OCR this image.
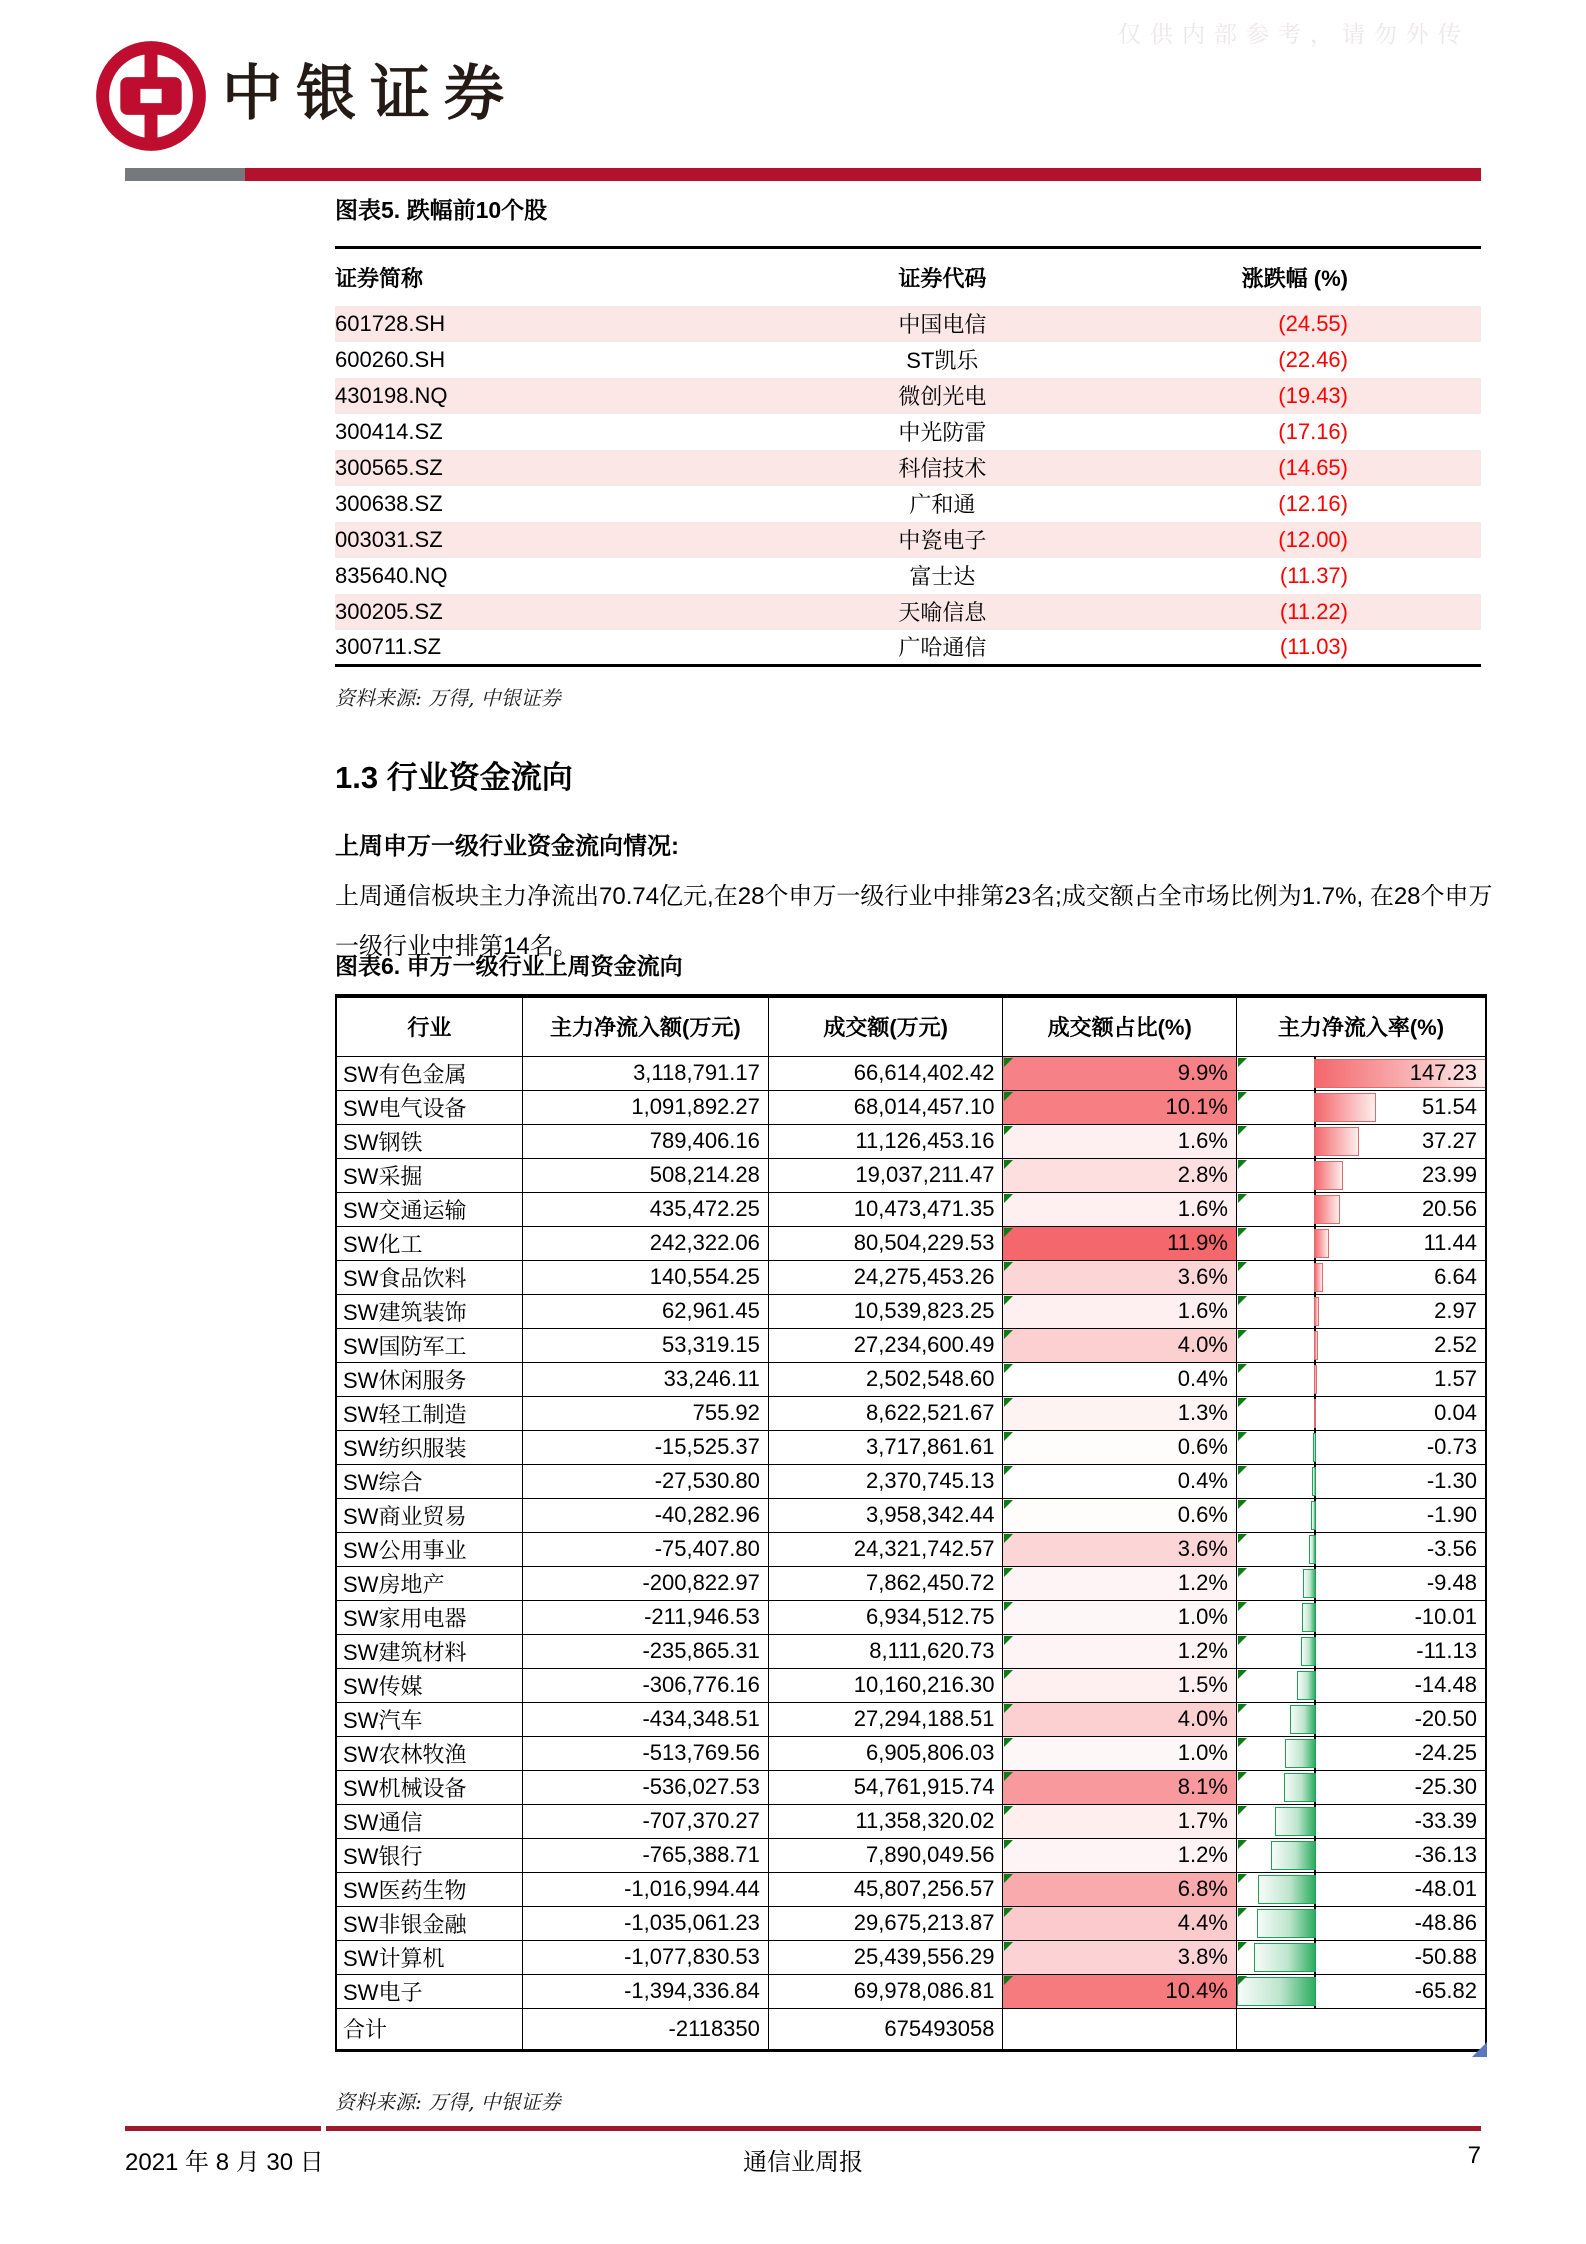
仅供内部参考，请勿外传
中银证券
图表5. 跌幅前10个股
证券简称	证券代码	涨跌幅 (%)
601728.SH	中国电信	(24.55)
600260.SH	ST凯乐	(22.46)
430198.NQ	微创光电	(19.43)
300414.SZ	中光防雷	(17.16)
300565.SZ	科信技术	(14.65)
300638.SZ	广和通	(12.16)
003031.SZ	中瓷电子	(12.00)
835640.NQ	富士达	(11.37)
300205.SZ	天喻信息	(11.22)
300711.SZ	广哈通信	(11.03)
资料来源: 万得, 中银证券
1.3 行业资金流向
上周申万一级行业资金流向情况:
上周通信板块主力净流出70.74亿元,在28个申万一级行业中排第23名;成交额占全市场比例为1.7%, 在28个申万一级行业中排第14名。
图表6. 申万一级行业上周资金流向
行业	主力净流入额(万元)	成交额(万元)	成交额占比(%)	主力净流入率(%)
SW有色金属	3,118,791.17	66,614,402.42	9.9%	147.23
SW电气设备	1,091,892.27	68,014,457.10	10.1%	51.54
SW钢铁	789,406.16	11,126,453.16	1.6%	37.27
SW采掘	508,214.28	19,037,211.47	2.8%	23.99
SW交通运输	435,472.25	10,473,471.35	1.6%	20.56
SW化工	242,322.06	80,504,229.53	11.9%	11.44
SW食品饮料	140,554.25	24,275,453.26	3.6%	6.64
SW建筑装饰	62,961.45	10,539,823.25	1.6%	2.97
SW国防军工	53,319.15	27,234,600.49	4.0%	2.52
SW休闲服务	33,246.11	2,502,548.60	0.4%	1.57
SW轻工制造	755.92	8,622,521.67	1.3%	0.04
SW纺织服装	-15,525.37	3,717,861.61	0.6%	-0.73
SW综合	-27,530.80	2,370,745.13	0.4%	-1.30
SW商业贸易	-40,282.96	3,958,342.44	0.6%	-1.90
SW公用事业	-75,407.80	24,321,742.57	3.6%	-3.56
SW房地产	-200,822.97	7,862,450.72	1.2%	-9.48
SW家用电器	-211,946.53	6,934,512.75	1.0%	-10.01
SW建筑材料	-235,865.31	8,111,620.73	1.2%	-11.13
SW传媒	-306,776.16	10,160,216.30	1.5%	-14.48
SW汽车	-434,348.51	27,294,188.51	4.0%	-20.50
SW农林牧渔	-513,769.56	6,905,806.03	1.0%	-24.25
SW机械设备	-536,027.53	54,761,915.74	8.1%	-25.30
SW通信	-707,370.27	11,358,320.02	1.7%	-33.39
SW银行	-765,388.71	7,890,049.56	1.2%	-36.13
SW医药生物	-1,016,994.44	45,807,256.57	6.8%	-48.01
SW非银金融	-1,035,061.23	29,675,213.87	4.4%	-48.86
SW计算机	-1,077,830.53	25,439,556.29	3.8%	-50.88
SW电子	-1,394,336.84	69,978,086.81	10.4%	-65.82
合计	-2118350	675493058		
资料来源: 万得, 中银证券
2021 年 8 月 30 日	通信业周报	7
